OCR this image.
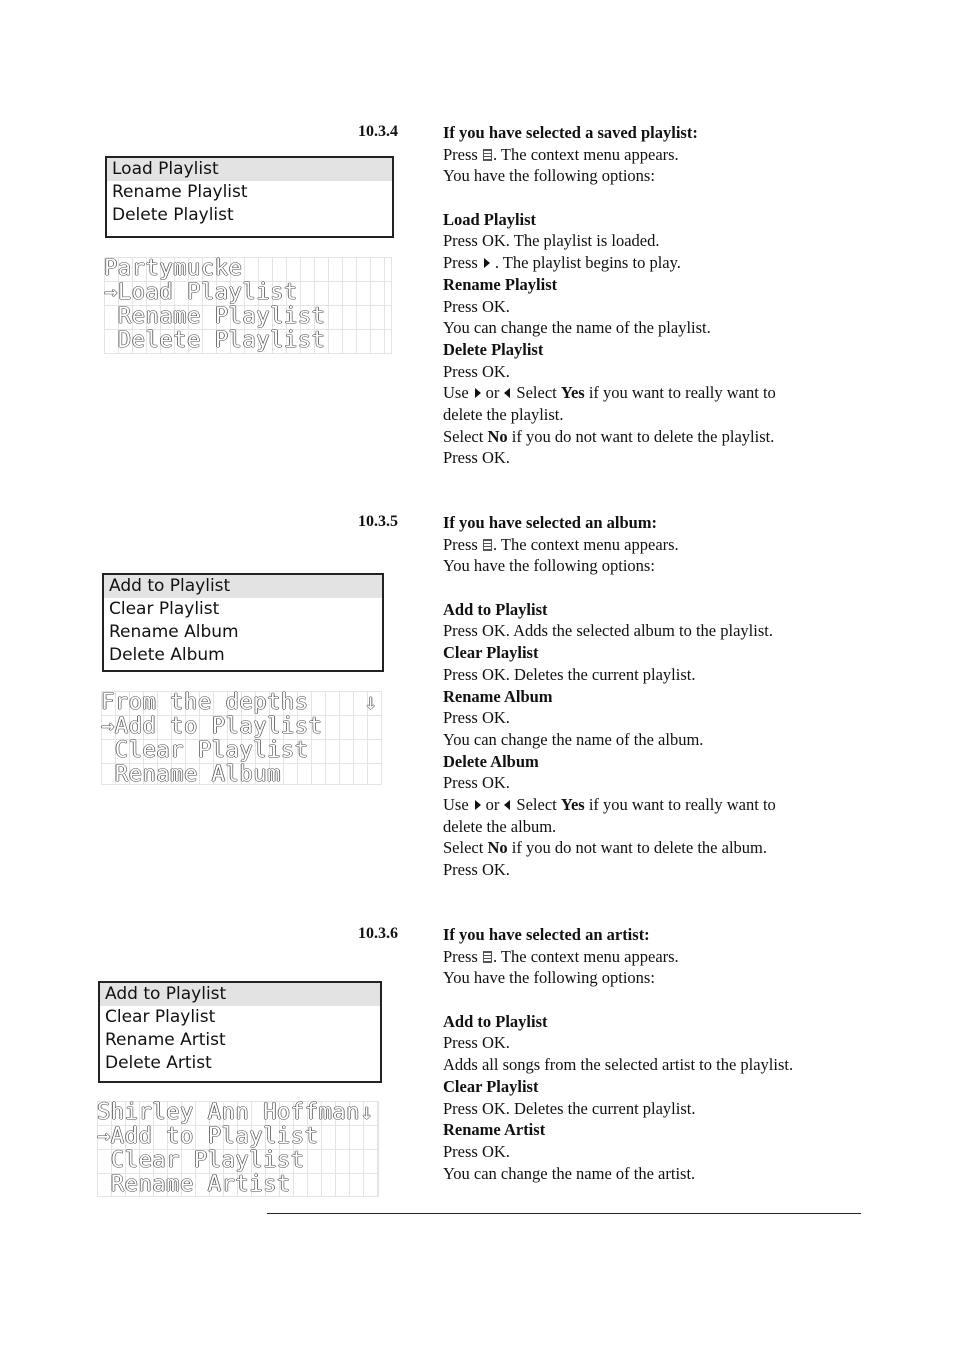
10.3.4
Load Playlist
Rename Playlist
Delete Playlist
Partymucke
→Load Playlist
Rename Playlist
Delete Playlist
If you have selected a saved playlist:
Press . The context menu appears.
You have the following options:
Load Playlist
Press OK. The playlist is loaded.
Press . The playlist begins to play.
Rename Playlist
Press OK.
You can change the name of the playlist.
Delete Playlist
Press OK.
Use or Select Yes if you want to really want to
delete the playlist.
Select No if you do not want to delete the playlist.
Press OK.
10.3.5
Add to Playlist
Clear Playlist
Rename Album
Delete Album
From the depths    ↓
→Add to Playlist
Clear Playlist
Rename Album
If you have selected an album:
Press . The context menu appears.
You have the following options:
Add to Playlist
Press OK. Adds the selected album to the playlist.
Clear Playlist
Press OK. Deletes the current playlist.
Rename Album
Press OK.
You can change the name of the album.
Delete Album
Press OK.
Use or Select Yes if you want to really want to
delete the album.
Select No if you do not want to delete the album.
Press OK.
10.3.6
Add to Playlist
Clear Playlist
Rename Artist
Delete Artist
Shirley Ann Hoffman↓
→Add to Playlist
Clear Playlist
Rename Artist
If you have selected an artist:
Press . The context menu appears.
You have the following options:
Add to Playlist
Press OK.
Adds all songs from the selected artist to the playlist.
Clear Playlist
Press OK. Deletes the current playlist.
Rename Artist
Press OK.
You can change the name of the artist.
